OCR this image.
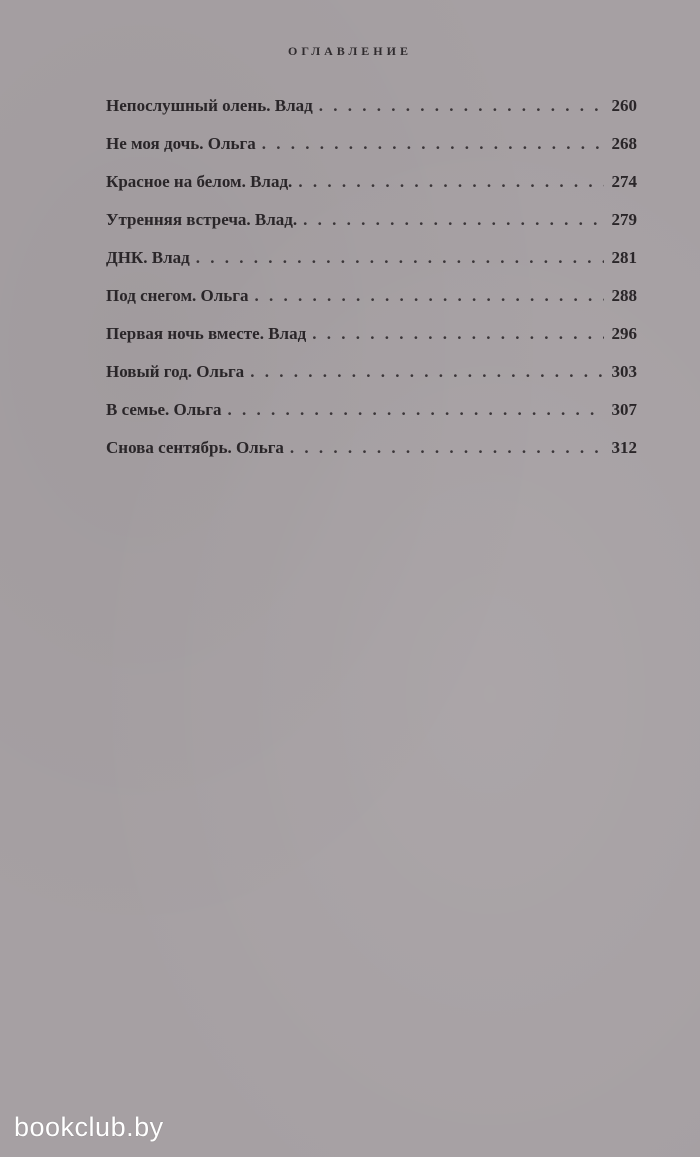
ОГЛАВЛЕНИЕ
Непослушный олень. Влад . . .	260
Не моя дочь. Ольга . . .	268
Красное на белом. Влад. . . .	274
Утренняя встреча. Влад. . . .	279
ДНК. Влад . . .	281
Под снегом. Ольга . . .	288
Первая ночь вместе. Влад . . .	296
Новый год. Ольга . . .	303
В семье. Ольга . . .	307
Снова сентябрь. Ольга . . .	312
bookclub.by
